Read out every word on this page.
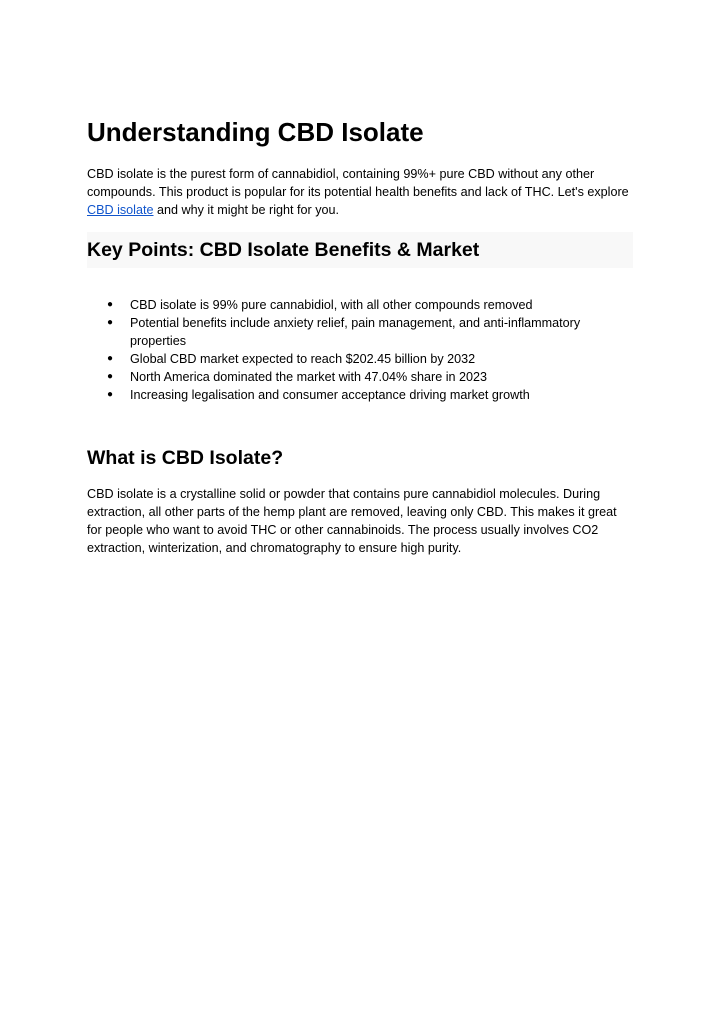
Understanding CBD Isolate

CBD isolate is the purest form of cannabidiol, containing 99%+ pure CBD without any other compounds. This product is popular for its potential health benefits and lack of THC. Let's explore CBD isolate and why it might be right for you.

Key Points: CBD Isolate Benefits & Market
● CBD isolate is 99% pure cannabidiol, with all other compounds removed
● Potential benefits include anxiety relief, pain management, and anti-inflammatory properties
● Global CBD market expected to reach $202.45 billion by 2032
● North America dominated the market with 47.04% share in 2023
● Increasing legalisation and consumer acceptance driving market growth
What is CBD Isolate?

CBD isolate is a crystalline solid or powder that contains pure cannabidiol molecules. During extraction, all other parts of the hemp plant are removed, leaving only CBD. This makes it great for people who want to avoid THC or other cannabinoids. The process usually involves CO2 extraction, winterization, and chromatography to ensure high purity.
